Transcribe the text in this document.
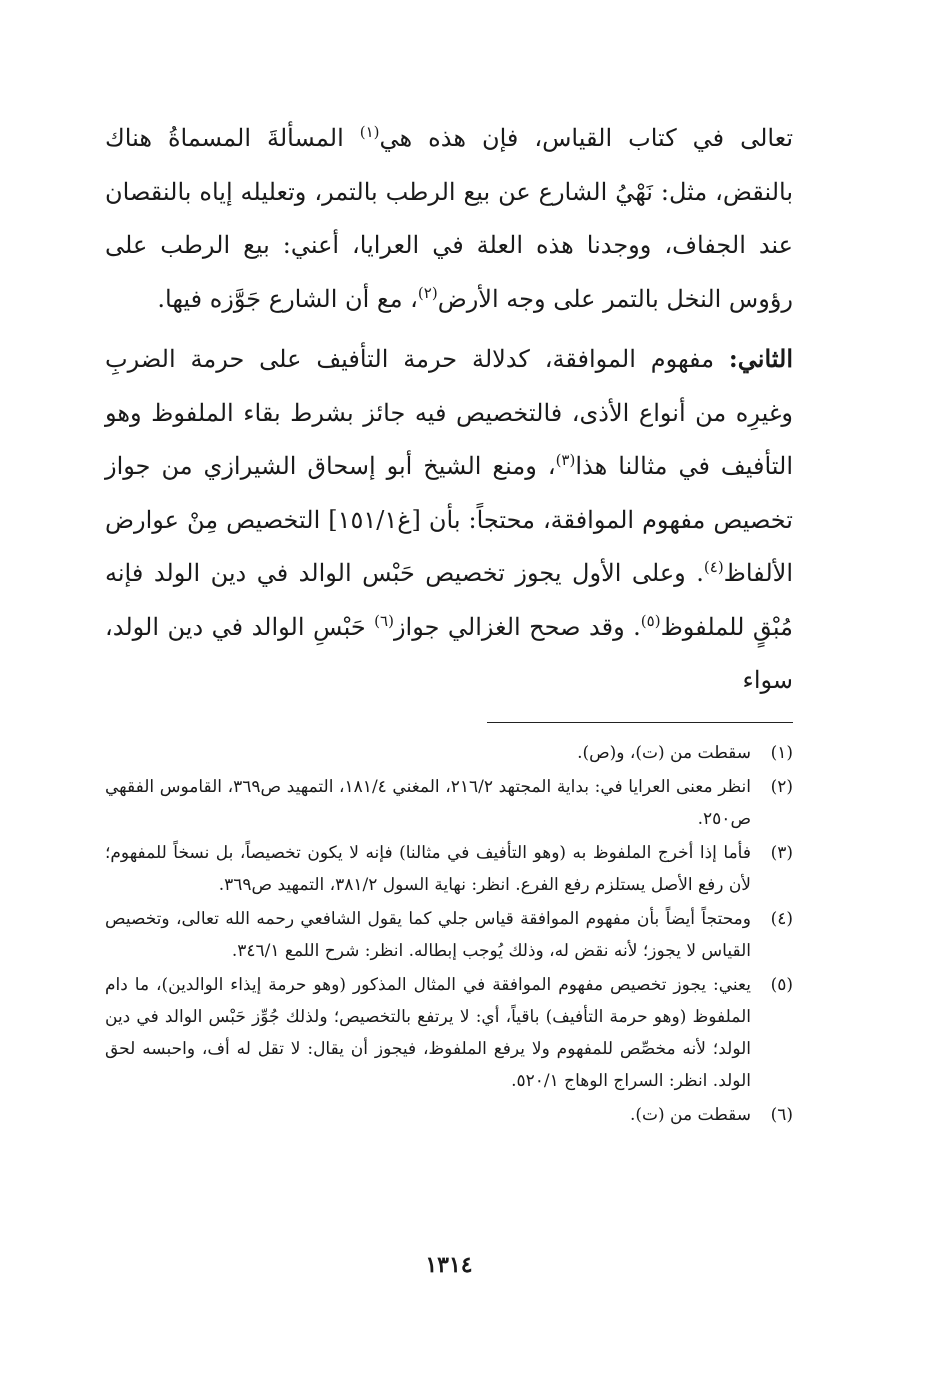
تعالى في كتاب القياس، فإن هذه هي$^{(١)}$ المسألةَ المسماةُ هناك بالنقض، مثل: نَهْيُ الشارع عن بيع الرطب بالتمر، وتعليله إياه بالنقصان عند الجفاف، ووجدنا هذه العلة في العرايا، أعني: بيع الرطب على رؤوس النخل بالتمر على وجه الأرض$^{(٢)}$، مع أن الشارع جَوَّزه فيها.

الثاني: مفهوم الموافقة، كدلالة حرمة التأفيف على حرمة الضربِ وغيرِه من أنواع الأذى، فالتخصيص فيه جائز بشرط بقاء الملفوظ وهو التأفيف في مثالنا هذا$^{(٣)}$، ومنع الشيخ أبو إسحاق الشيرازي من جواز تخصيص مفهوم الموافقة، محتجاً: بأن [غ١٥١/١] التخصيص مِنْ عوارض الألفاظ$^{(٤)}$. وعلى الأول يجوز تخصيص حَبْس الوالد في دين الولد فإنه مُبْقٍ للملفوظ$^{(٥)}$. وقد صحح الغزالي جواز$^{(٦)}$ حَبْسِ الوالد في دين الولد، سواء

(١)
سقطت من (ت)، و(ص).
(٢)
انظر معنى العرايا في: بداية المجتهد ٢١٦/٢، المغني ١٨١/٤، التمهيد ص٣٦٩، القاموس الفقهي ص٢٥٠.
(٣)
فأما إذا أخرج الملفوظ به (وهو التأفيف في مثالنا) فإنه لا يكون تخصيصاً، بل نسخاً للمفهوم؛ لأن رفع الأصل يستلزم رفع الفرع. انظر: نهاية السول ٣٨١/٢، التمهيد ص٣٦٩.
(٤)
ومحتجاً أيضاً بأن مفهوم الموافقة قياس جلي كما يقول الشافعي رحمه الله تعالى، وتخصيص القياس لا يجوز؛ لأنه نقض له، وذلك يُوجب إبطاله. انظر: شرح اللمع ٣٤٦/١.
(٥)
يعني: يجوز تخصيص مفهوم الموافقة في المثال المذكور (وهو حرمة إيذاء الوالدين)، ما دام الملفوظ (وهو حرمة التأفيف) باقياً، أي: لا يرتفع بالتخصيص؛ ولذلك جُوِّز حَبْس الوالد في دين الولد؛ لأنه مخصِّص للمفهوم ولا يرفع الملفوظ، فيجوز أن يقال: لا تقل له أف، واحبسه لحق الولد. انظر: السراج الوهاج ٥٢٠/١.
(٦)
سقطت من (ت).
١٣١٤
